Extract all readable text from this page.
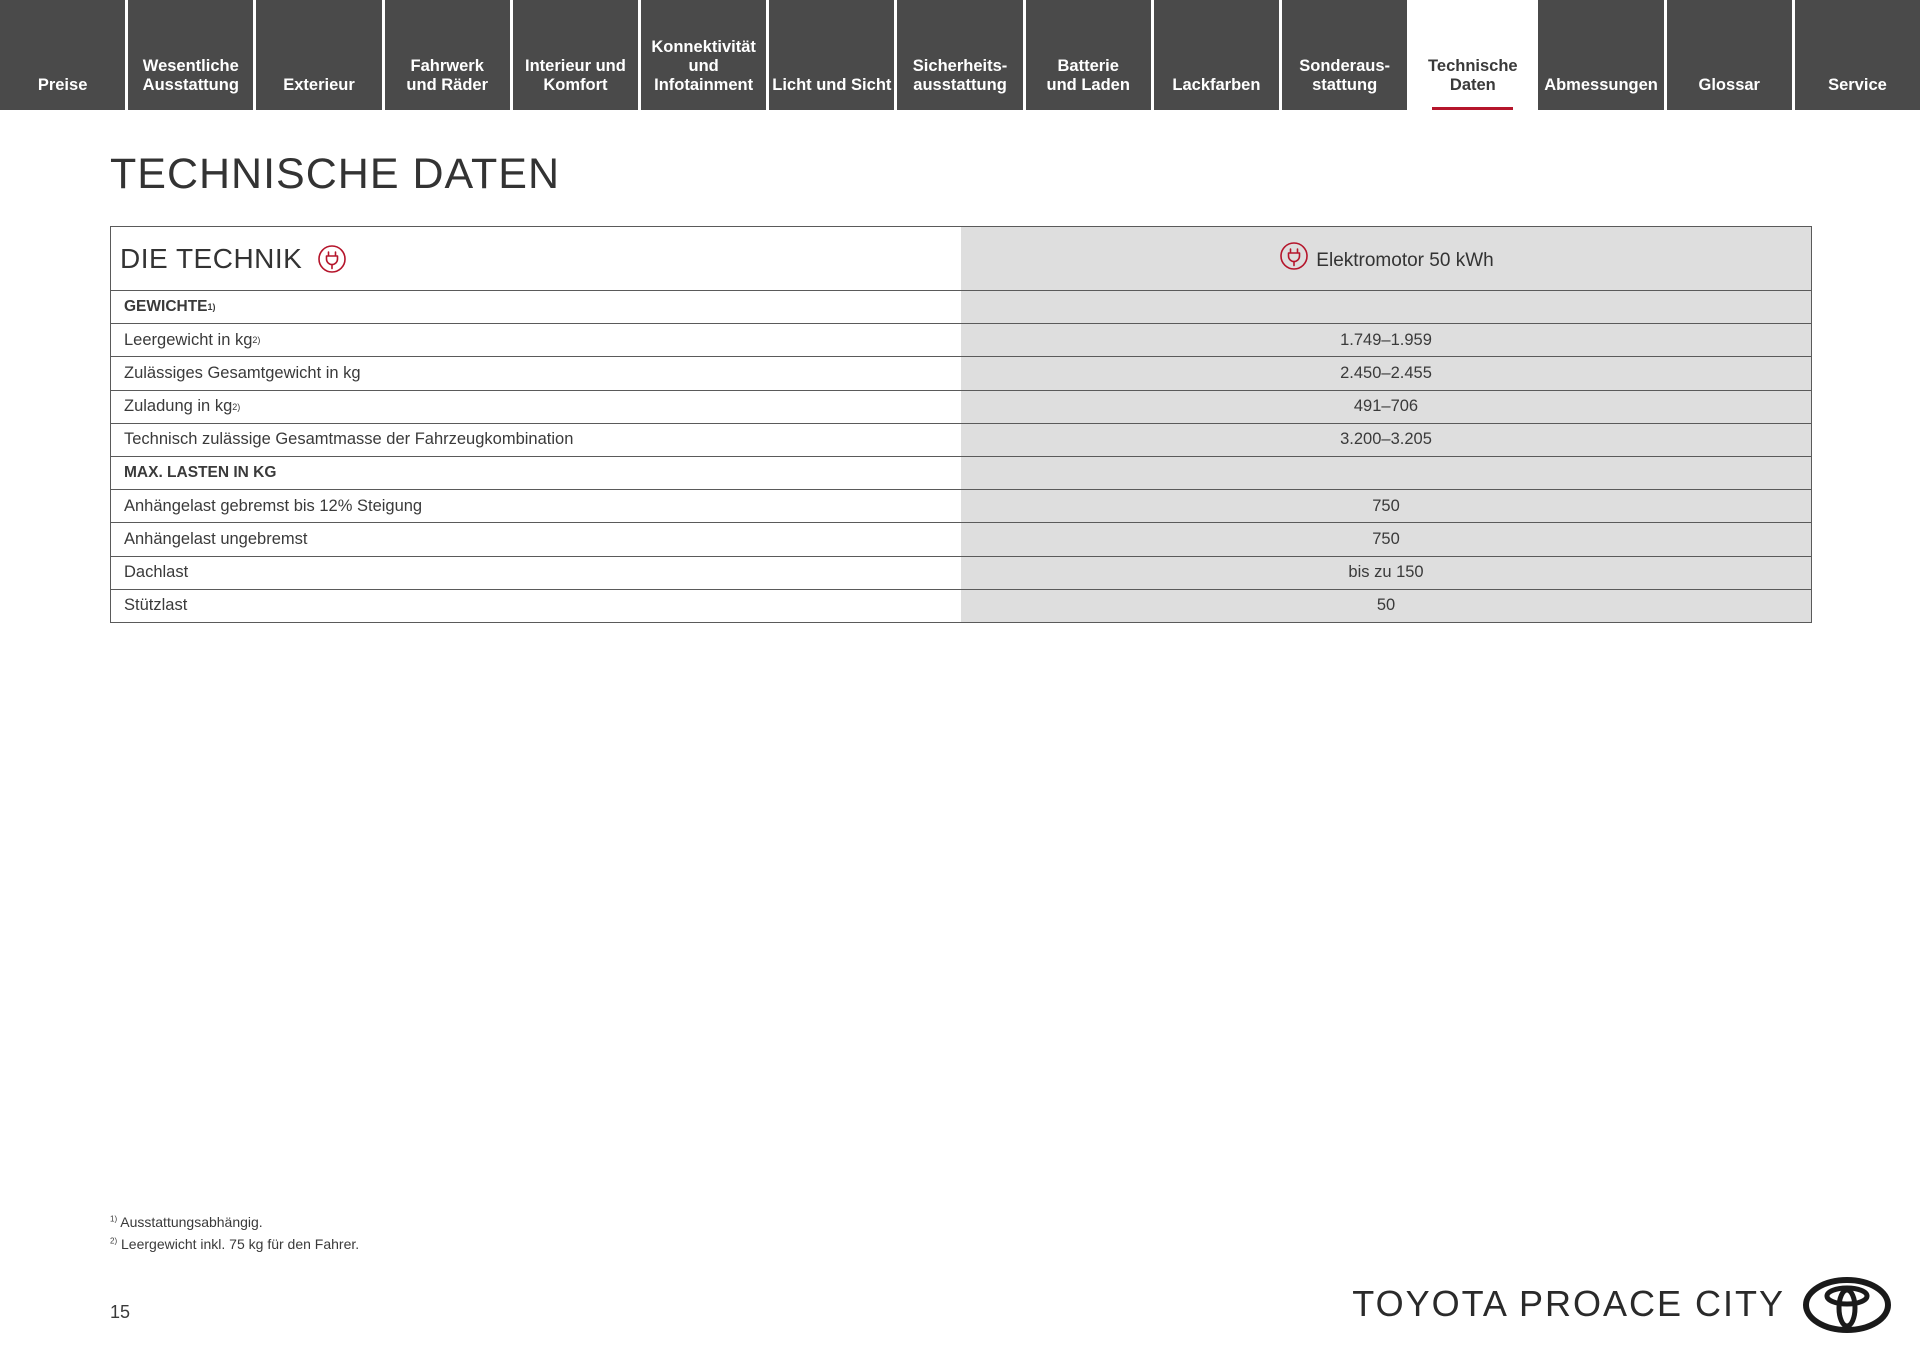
Preise
Wesentliche
Ausstattung	Exterieur
Fahrwerk
und Räder
Interieur und
Komfort
Konnektivität
und
Infotainment Licht und Sicht
Sicherheits-
ausstattung
Batterie
und Laden	Lackfarben
Sonderaus-
stattung
Technische
Daten	Abmessungen Glossar	Service
TECHNISCHE DATEN
DIE TECHNIK	Elektromotor 50 kWh
GEWICHTE 1)
Leergewicht in kg 2)	1.749–1.959
Zulässiges Gesamtgewicht in kg	2.450–2.455
Zuladung in kg 2)	491–706
Technisch zulässige Gesamtmasse der Fahrzeugkombination	3.200–3.205
MAX. LASTEN IN KG
Anhängelast gebremst bis 12% Steigung	750
Anhängelast ungebremst	750
Dachlast	bis zu 150
Stützlast	50
$^{1)}$ Ausstattungsabhängig.
$^{2)}$ Leergewicht inkl. 75 kg für den Fahrer.
15	TOYOTA PROACE CITY
